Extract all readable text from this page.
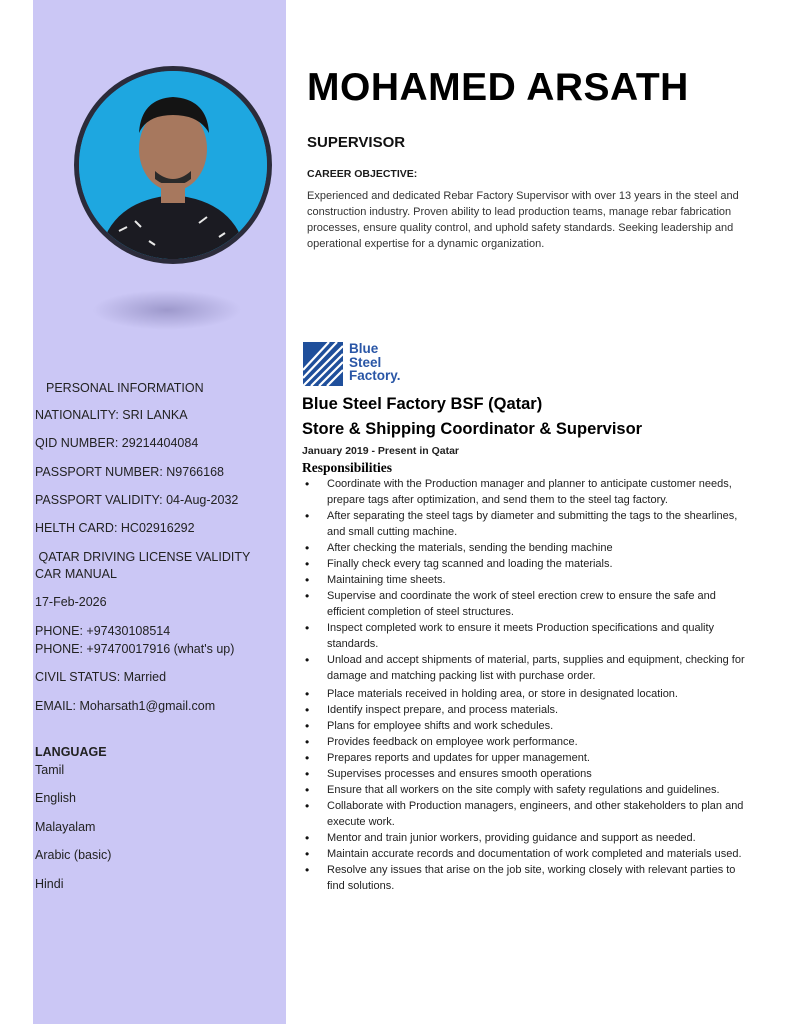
PERSONAL INFORMATION
NATIONALITY: SRI LANKA
QID NUMBER: 29214404084
PASSPORT NUMBER: N9766168
PASSPORT VALIDITY: 04-Aug-2032
HELTH CARD: HC02916292
QATAR DRIVING LICENSE VALIDITY
CAR MANUAL
17-Feb-2026
PHONE: +97430108514
PHONE: +97470017916 (what's up)
CIVIL STATUS: Married
EMAIL: Moharsath1@gmail.com
LANGUAGE
Tamil
English
Malayalam
Arabic (basic)
Hindi
MOHAMED ARSATH
SUPERVISOR
CAREER OBJECTIVE:
Experienced and dedicated Rebar Factory Supervisor with over 13 years in the steel and construction industry. Proven ability to lead production teams, manage rebar fabrication processes, ensure quality control, and uphold safety standards. Seeking leadership and operational expertise for a dynamic organization.
Blue
Steel
Factory.
Blue Steel Factory BSF (Qatar)
Store & Shipping Coordinator & Supervisor
January 2019 - Present in Qatar
Responsibilities
• Coordinate with the Production manager and planner to anticipate customer needs, prepare tags after optimization, and send them to the steel tag factory.
• After separating the steel tags by diameter and submitting the tags to the shearlines, and small cutting machine.
• After checking the materials, sending the bending machine
• Finally check every tag scanned and loading the materials.
• Maintaining time sheets.
• Supervise and coordinate the work of steel erection crew to ensure the safe and efficient completion of steel structures.
• Inspect completed work to ensure it meets Production specifications and quality standards.
• Unload and accept shipments of material, parts, supplies and equipment, checking for damage and matching packing list with purchase order.
• Place materials received in holding area, or store in designated location.
• Identify inspect prepare, and process materials.
• Plans for employee shifts and work schedules.
• Provides feedback on employee work performance.
• Prepares reports and updates for upper management.
• Supervises processes and ensures smooth operations
• Ensure that all workers on the site comply with safety regulations and guidelines.
• Collaborate with Production managers, engineers, and other stakeholders to plan and execute work.
• Mentor and train junior workers, providing guidance and support as needed.
• Maintain accurate records and documentation of work completed and materials used.
• Resolve any issues that arise on the job site, working closely with relevant parties to find solutions.
